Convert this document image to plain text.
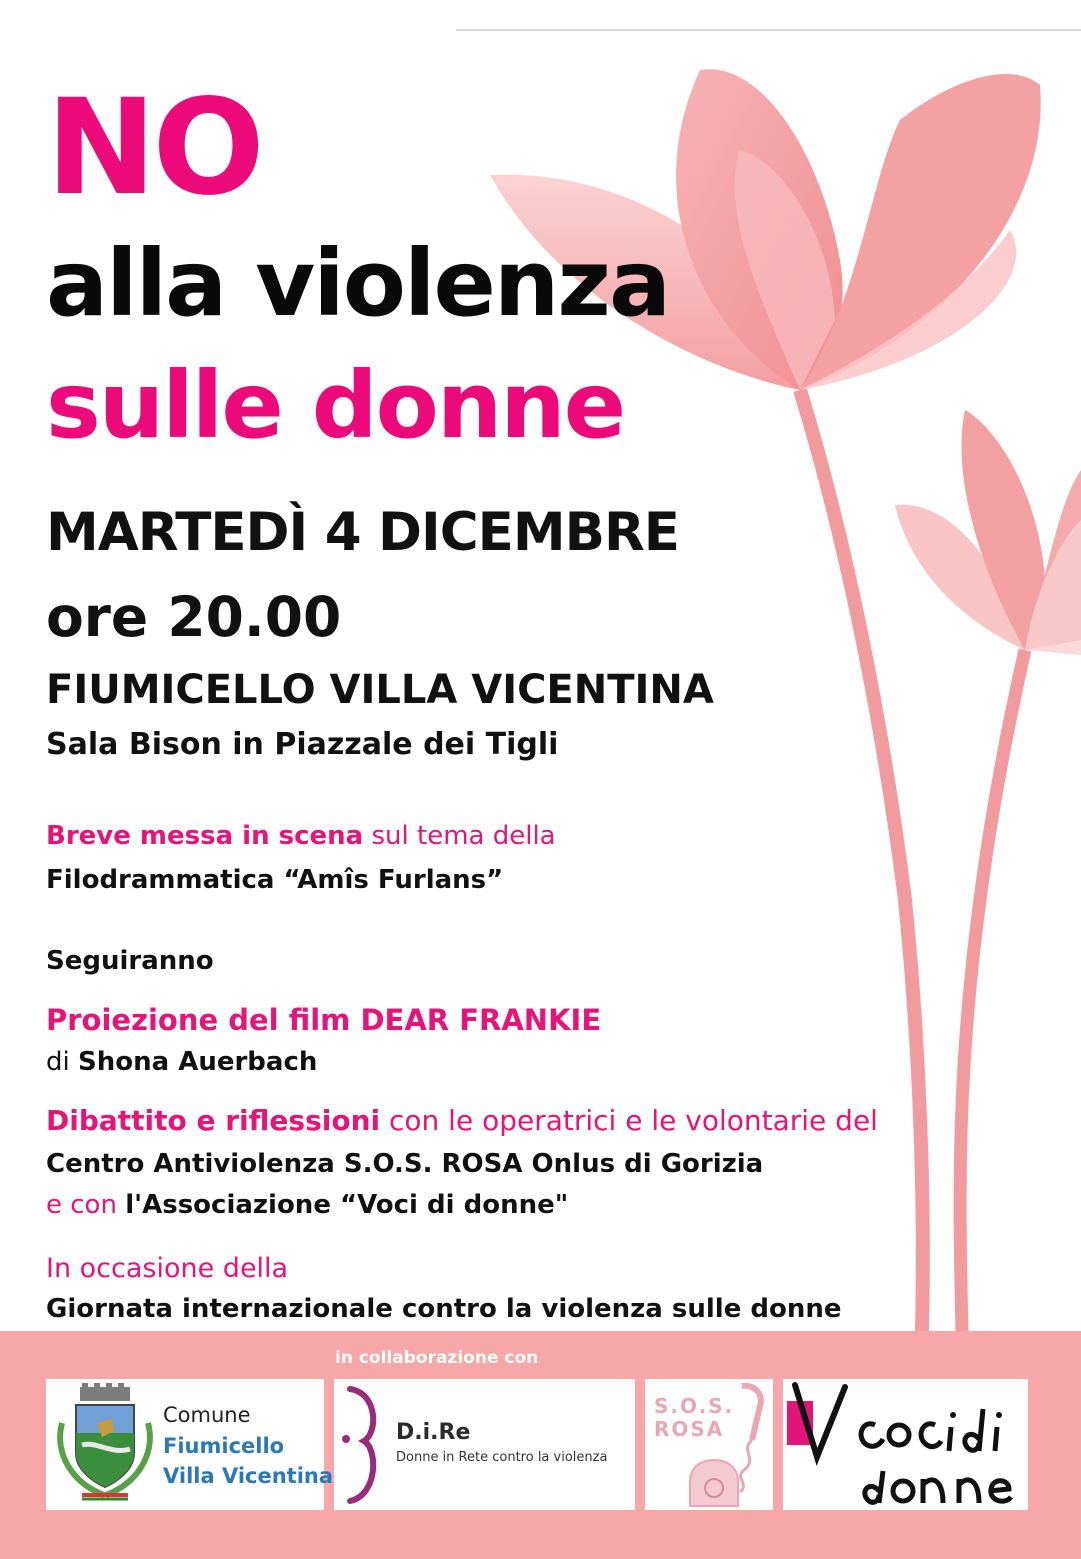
NO
alla violenza
sulle donne
MARTEDÌ 4 DICEMBRE
ore 20.00
FIUMICELLO VILLA VICENTINA
Sala Bison in Piazzale dei Tigli
Breve messa in scena sul tema della
Filodrammatica “Amîs Furlans”
Seguiranno
Proiezione del film DEAR FRANKIE
di Shona Auerbach
Dibattito e riflessioni con le operatrici e le volontarie del
Centro Antiviolenza S.O.S. ROSA Onlus di Gorizia
e con l'Associazione “Voci di donne"
In occasione della
Giornata internazionale contro la violenza sulle donne
in collaborazione con
Comune
Fiumicello
Villa Vicentina
D.i.Re
Donne in Rete contro la violenza
S.O.S.
ROSA
